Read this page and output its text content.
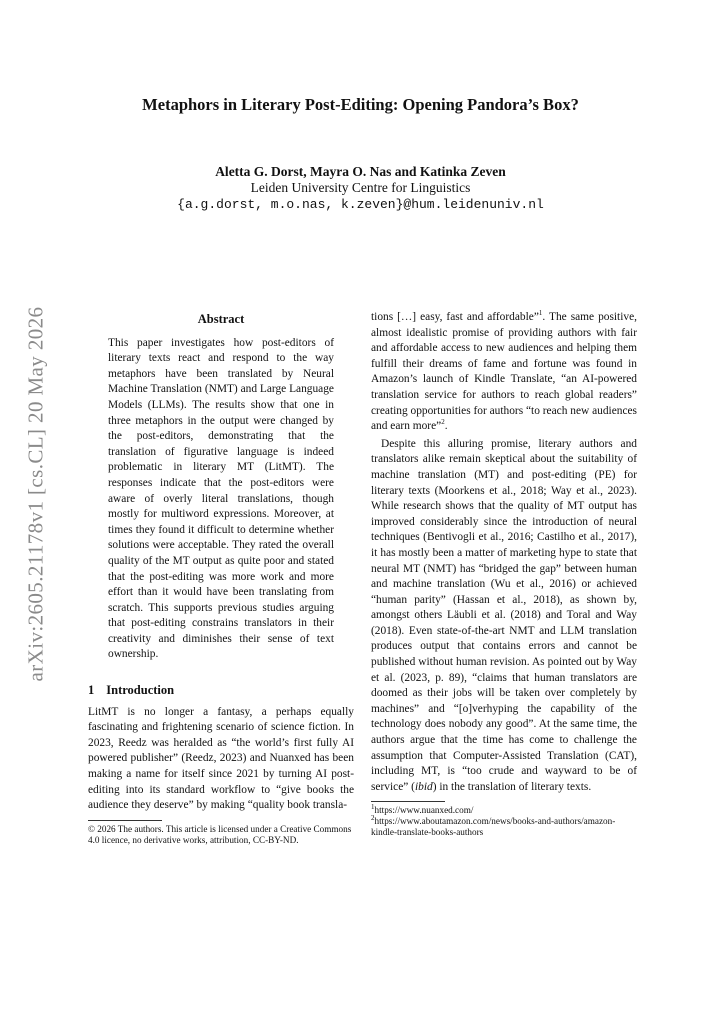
arXiv:2605.21178v1 [cs.CL] 20 May 2026
Metaphors in Literary Post-Editing: Opening Pandora’s Box?
Aletta G. Dorst, Mayra O. Nas and Katinka Zeven
Leiden University Centre for Linguistics
{a.g.dorst, m.o.nas, k.zeven}@hum.leidenuniv.nl
Abstract
This paper investigates how post-editors of literary texts react and respond to the way metaphors have been translated by Neural Machine Translation (NMT) and Large Language Models (LLMs). The results show that one in three metaphors in the output were changed by the post-editors, demonstrating that the translation of figurative language is indeed problematic in literary MT (LitMT). The responses indicate that the post-editors were aware of overly literal translations, though mostly for multiword expressions. Moreover, at times they found it difficult to determine whether solutions were acceptable. They rated the overall quality of the MT output as quite poor and stated that the post-editing was more work and more effort than it would have been translating from scratch. This supports previous studies arguing that post-editing constrains translators in their creativity and diminishes their sense of text ownership.
1 Introduction

LitMT is no longer a fantasy, a perhaps equally fascinating and frightening scenario of science fiction. In 2023, Reedz was heralded as “the world’s first fully AI powered publisher” (Reedz, 2023) and Nuanxed has been making a name for itself since 2021 by turning AI post-editing into its standard workflow to “give books the audience they deserve” by making “quality book transla-

© 2026 The authors. This article is licensed under a Creative Commons 4.0 licence, no derivative works, attribution, CC-BY-ND.

tions […] easy, fast and affordable”$^1$. The same positive, almost idealistic promise of providing authors with fair and affordable access to new audiences and helping them fulfill their dreams of fame and fortune was found in Amazon’s launch of Kindle Translate, “an AI-powered translation service for authors to reach global readers” creating opportunities for authors “to reach new audiences and earn more”$^2$.

Despite this alluring promise, literary authors and translators alike remain skeptical about the suitability of machine translation (MT) and post-editing (PE) for literary texts (Moorkens et al., 2018; Way et al., 2023). While research shows that the quality of MT output has improved considerably since the introduction of neural techniques (Bentivogli et al., 2016; Castilho et al., 2017), it has mostly been a matter of marketing hype to state that neural MT (NMT) has “bridged the gap” between human and machine translation (Wu et al., 2016) or achieved “human parity” (Hassan et al., 2018), as shown by, amongst others Läubli et al. (2018) and Toral and Way (2018). Even state-of-the-art NMT and LLM translation produces output that contains errors and cannot be published without human revision. As pointed out by Way et al. (2023, p. 89), “claims that human translators are doomed as their jobs will be taken over completely by machines” and “[o]verhyping the capability of the technology does nobody any good”. At the same time, the authors argue that the time has come to challenge the assumption that Computer-Assisted Translation (CAT), including MT, is “too crude and wayward to be of service” (ibid) in the translation of literary texts.

$^1$https://www.nuanxed.com/
$^2$https://www.aboutamazon.com/news/books-and-authors/amazon-kindle-translate-books-authors
